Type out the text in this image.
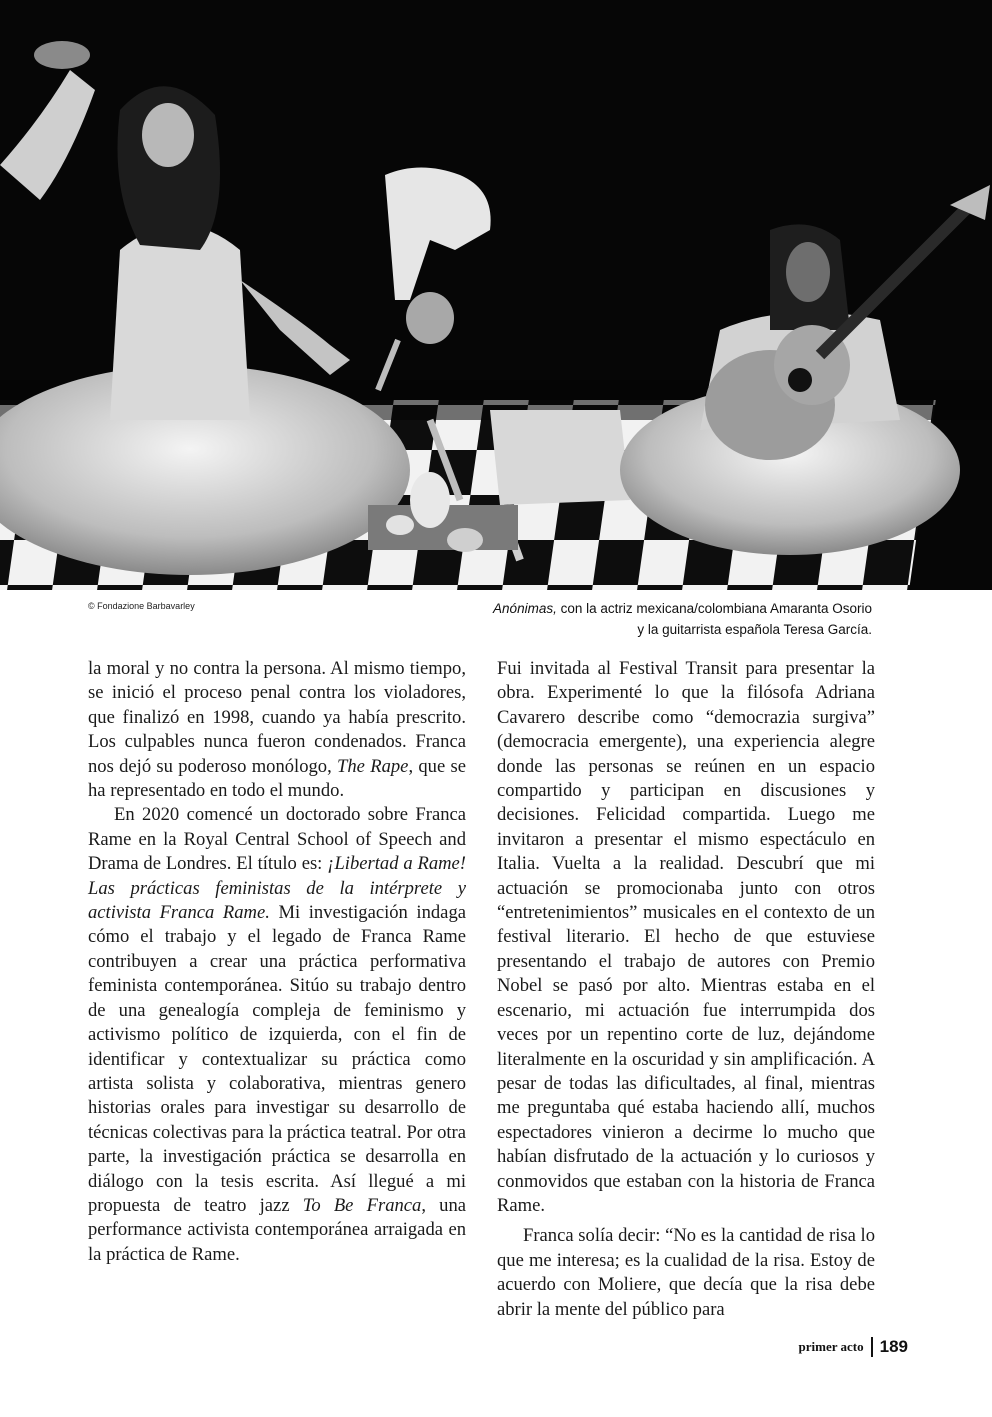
© Fondazione Barbavarley	Anónimas, con la actriz mexicana/colombiana Amaranta Osorio
y la guitarrista española Teresa García.

la moral y no contra la persona. Al mismo tiempo, se inició el proceso penal contra los violadores, que finalizó en 1998, cuando ya había prescrito. Los culpables nunca fueron condenados. Franca nos dejó su poderoso monólogo, The Rape, que se ha representado en todo el mundo.

En 2020 comencé un doctorado sobre Franca Rame en la Royal Central School of Speech and Drama de Londres. El título es: ¡Libertad a Rame! Las prácticas feministas de la intérprete y activista Franca Rame. Mi investigación indaga cómo el trabajo y el legado de Franca Rame contribuyen a crear una práctica performativa feminista contemporánea. Sitúo su trabajo dentro de una genealogía compleja de feminismo y activismo político de izquierda, con el fin de identificar y contextualizar su práctica como artista solista y colaborativa, mientras genero historias orales para investigar su desarrollo de técnicas colectivas para la práctica teatral. Por otra parte, la investigación práctica se desarrolla en diálogo con la tesis escrita. Así llegué a mi propuesta de teatro jazz To Be Franca, una performance activista contemporánea arraigada en la práctica de Rame.

Fui invitada al Festival Transit para presentar la obra. Experimenté lo que la filósofa Adriana Cavarero describe como “democrazia surgiva” (democracia emergente), una experiencia alegre donde las personas se reúnen en un espacio compartido y participan en discusiones y decisiones. Felicidad compartida. Luego me invitaron a presentar el mismo espectáculo en Italia. Vuelta a la realidad. Descubrí que mi actuación se promocionaba junto con otros “entretenimientos” musicales en el contexto de un festival literario. El hecho de que estuviese presentando el trabajo de autores con Premio Nobel se pasó por alto. Mientras estaba en el escenario, mi actuación fue interrumpida dos veces por un repentino corte de luz, dejándome literalmente en la oscuridad y sin amplificación. A pesar de todas las dificultades, al final, mientras me preguntaba qué estaba haciendo allí, muchos espectadores vinieron a decirme lo mucho que habían disfrutado de la actuación y lo curiosos y conmovidos que estaban con la historia de Franca Rame.

Franca solía decir: “No es la cantidad de risa lo que me interesa; es la cualidad de la risa. Estoy de acuerdo con Moliere, que decía que la risa debe abrir la mente del público para

primer acto 189
